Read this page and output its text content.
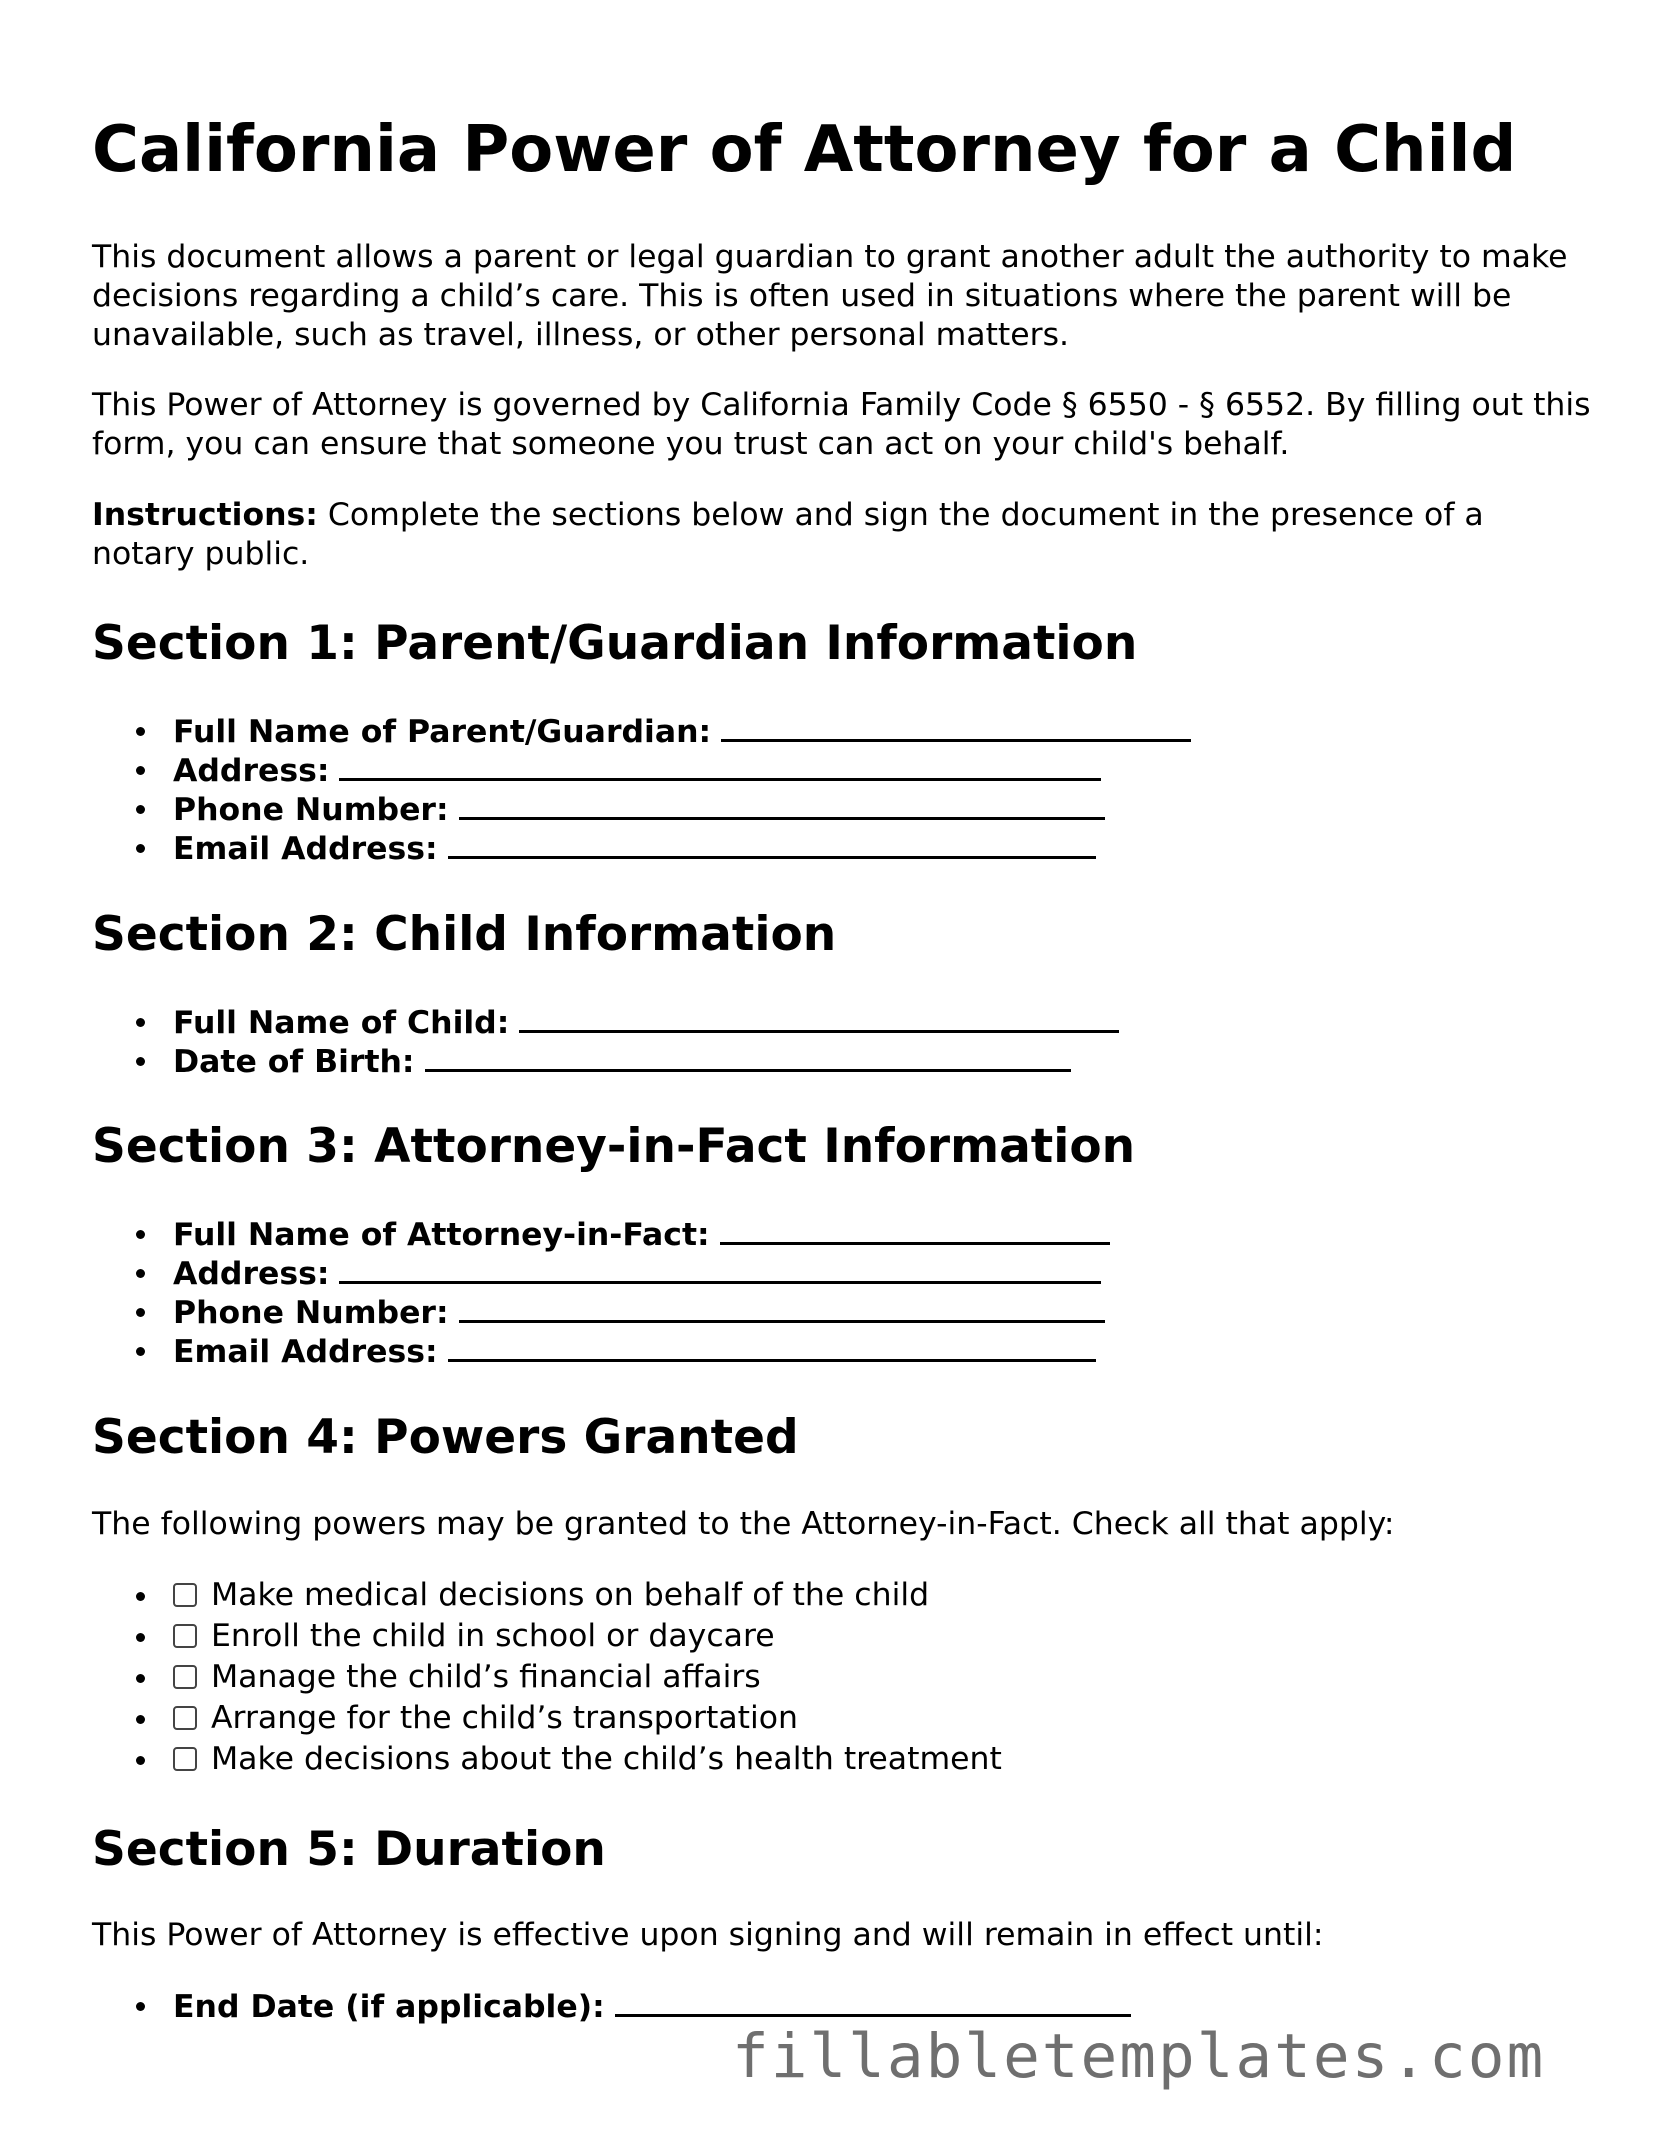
California Power of Attorney for a Child

This document allows a parent or legal guardian to grant another adult the authority to make decisions regarding a child’s care. This is often used in situations where the parent will be unavailable, such as travel, illness, or other personal matters.

This Power of Attorney is governed by California Family Code § 6550 - § 6552. By filling out this form, you can ensure that someone you trust can act on your child's behalf.

Instructions: Complete the sections below and sign the document in the presence of a notary public.

Section 1: Parent/Guardian Information
Full Name of Parent/Guardian:
Address:
Phone Number:
Email Address:
Section 2: Child Information
Full Name of Child:
Date of Birth:
Section 3: Attorney-in-Fact Information
Full Name of Attorney-in-Fact:
Address:
Phone Number:
Email Address:
Section 4: Powers Granted

The following powers may be granted to the Attorney-in-Fact. Check all that apply:

Make medical decisions on behalf of the child
Enroll the child in school or daycare
Manage the child’s financial affairs
Arrange for the child’s transportation
Make decisions about the child’s health treatment
Section 5: Duration

This Power of Attorney is effective upon signing and will remain in effect until:

End Date (if applicable):
fillabletemplates.com
